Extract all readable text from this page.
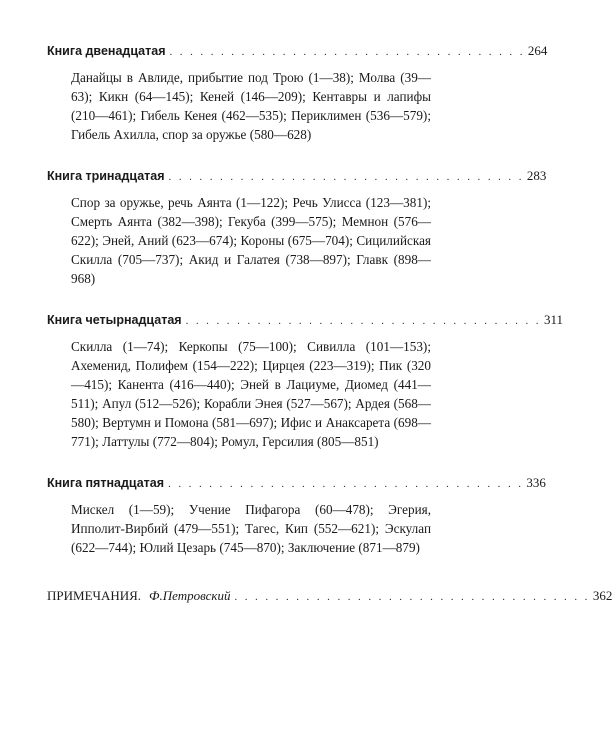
Книга двенадцатая . . . . . . . . . . . . . . . . . . . . . . . . . . . . . . . . . . . 264
Данайцы в Авлиде, прибытие под Трою (1—38); Молва (39—63); Кикн (64—145); Кеней (146—209); Кентавры и лапифы (210—461); Гибель Кенея (462—535); Периклимен (536—579); Гибель Ахилла, спор за оружье (580—628)
Книга тринадцатая . . . . . . . . . . . . . . . . . . . . . . . . . . . . . . . . . . . 283
Спор за оружье, речь Аянта (1—122); Речь Улисса (123—381); Смерть Аянта (382—398); Гекуба (399—575); Мемнон (576—622); Эней, Аний (623—674); Короны (675—704); Сицилийская Скилла (705—737); Акид и Галатея (738—897); Главк (898—968)
Книга четырнадцатая . . . . . . . . . . . . . . . . . . . . . . . . . . . . . . . . . . . 311
Скилла (1—74); Керкопы (75—100); Сивилла (101—153); Ахеменид, Полифем (154—222); Цирцея (223—319); Пик (320—415); Канента (416—440); Эней в Лациуме, Диомед (441—511); Апул (512—526); Корабли Энея (527—567); Ардея (568—580); Вертумн и Помона (581—697); Ифис и Анаксарета (698—771); Латтулы (772—804); Ромул, Герсилия (805—851)
Книга пятнадцатая . . . . . . . . . . . . . . . . . . . . . . . . . . . . . . . . . . . 336
Мискел (1—59); Учение Пифагора (60—478); Эгерия, Ипполит-Вирбий (479—551); Тагес, Кип (552—621); Эскулап (622—744); Юлий Цезарь (745—870); Заключение (871—879)
ПРИМЕЧАНИЯ. Ф.Петровский . . . . . . . . . . . . . . . . . . . . . . . . . . . . . . . . . . . 362
